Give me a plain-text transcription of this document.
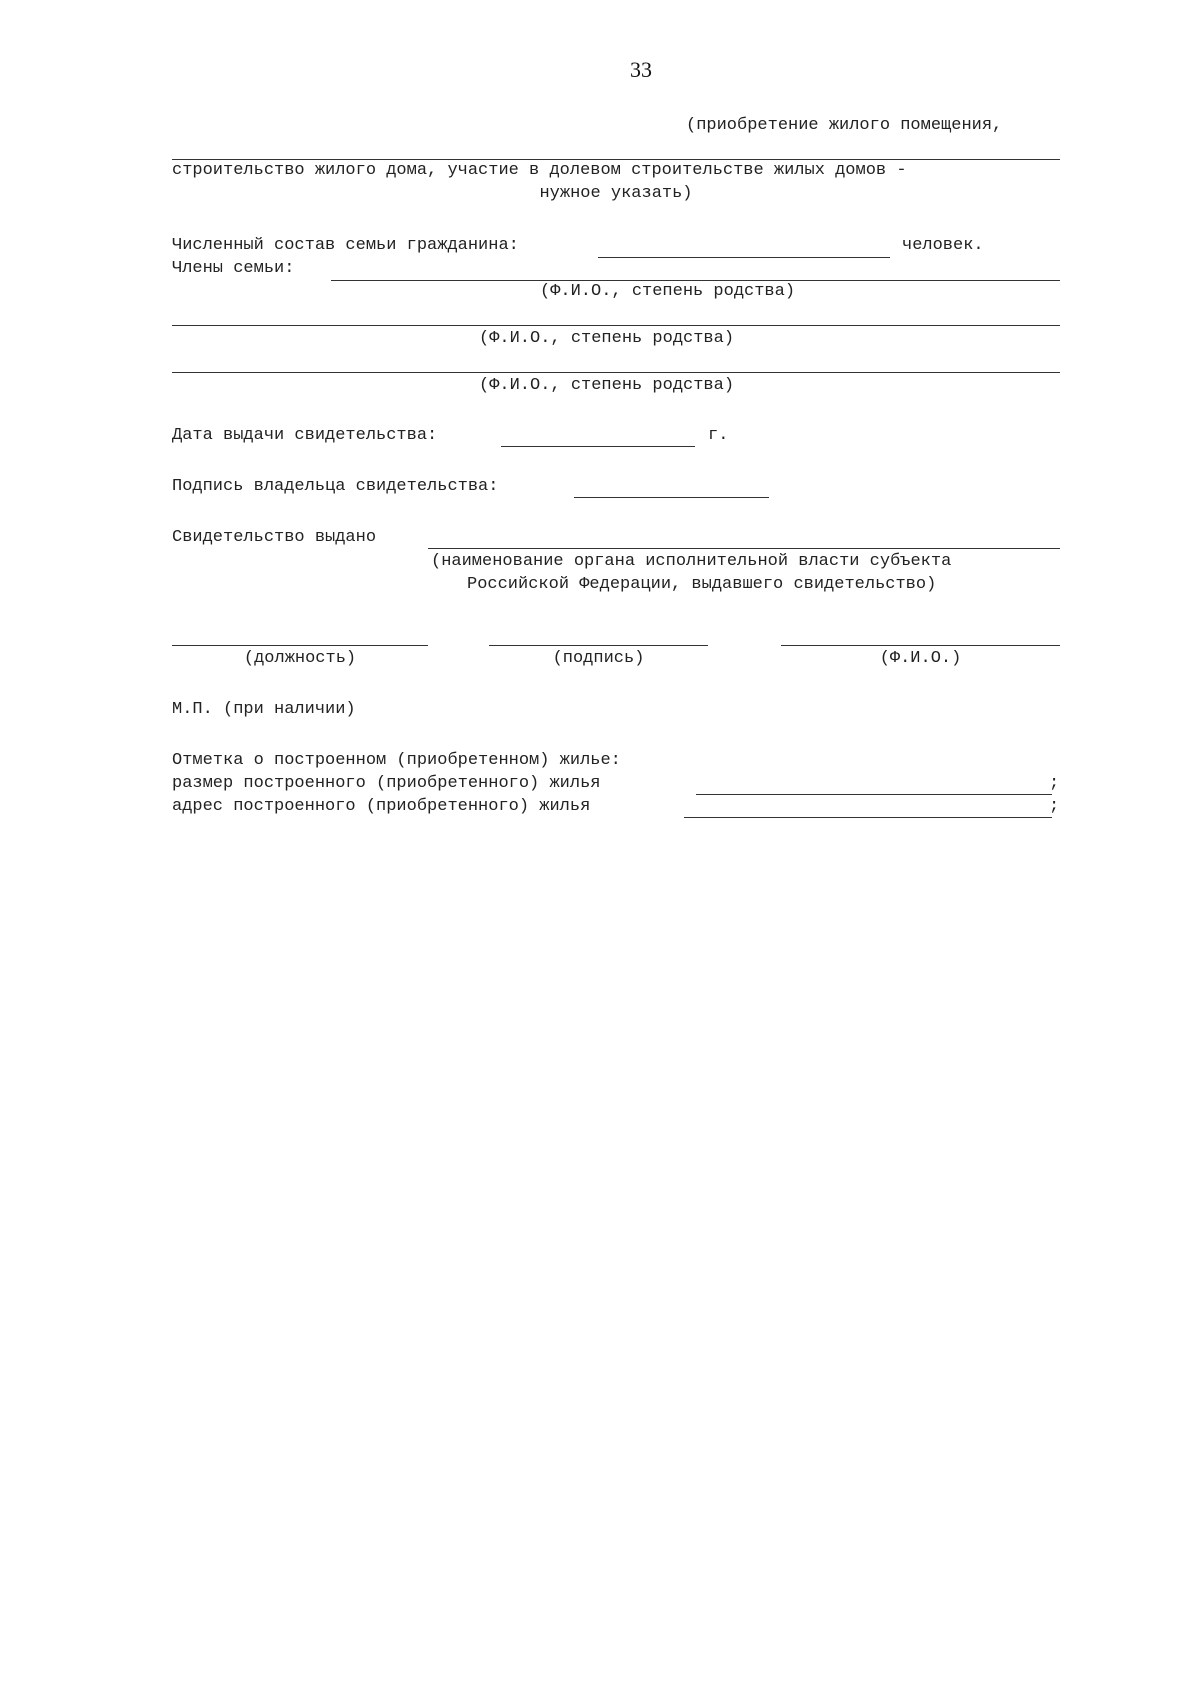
33
(приобретение жилого помещения,
строительство жилого дома, участие в долевом строительстве жилых домов -
нужное указать)
Численный состав семьи гражданина:	человек.
Члены семьи:
(Ф.И.О., степень родства)
(Ф.И.О., степень родства)
(Ф.И.О., степень родства)
Дата выдачи свидетельства:	г.
Подпись владельца свидетельства:
Свидетельство выдано
(наименование органа исполнительной власти субъекта
Российской Федерации, выдавшего свидетельство)
(должность)	(подпись)	(Ф.И.О.)
М.П. (при наличии)
Отметка о построенном (приобретенном) жилье:
размер построенного (приобретенного) жилья	;
адрес построенного (приобретенного) жилья	;
